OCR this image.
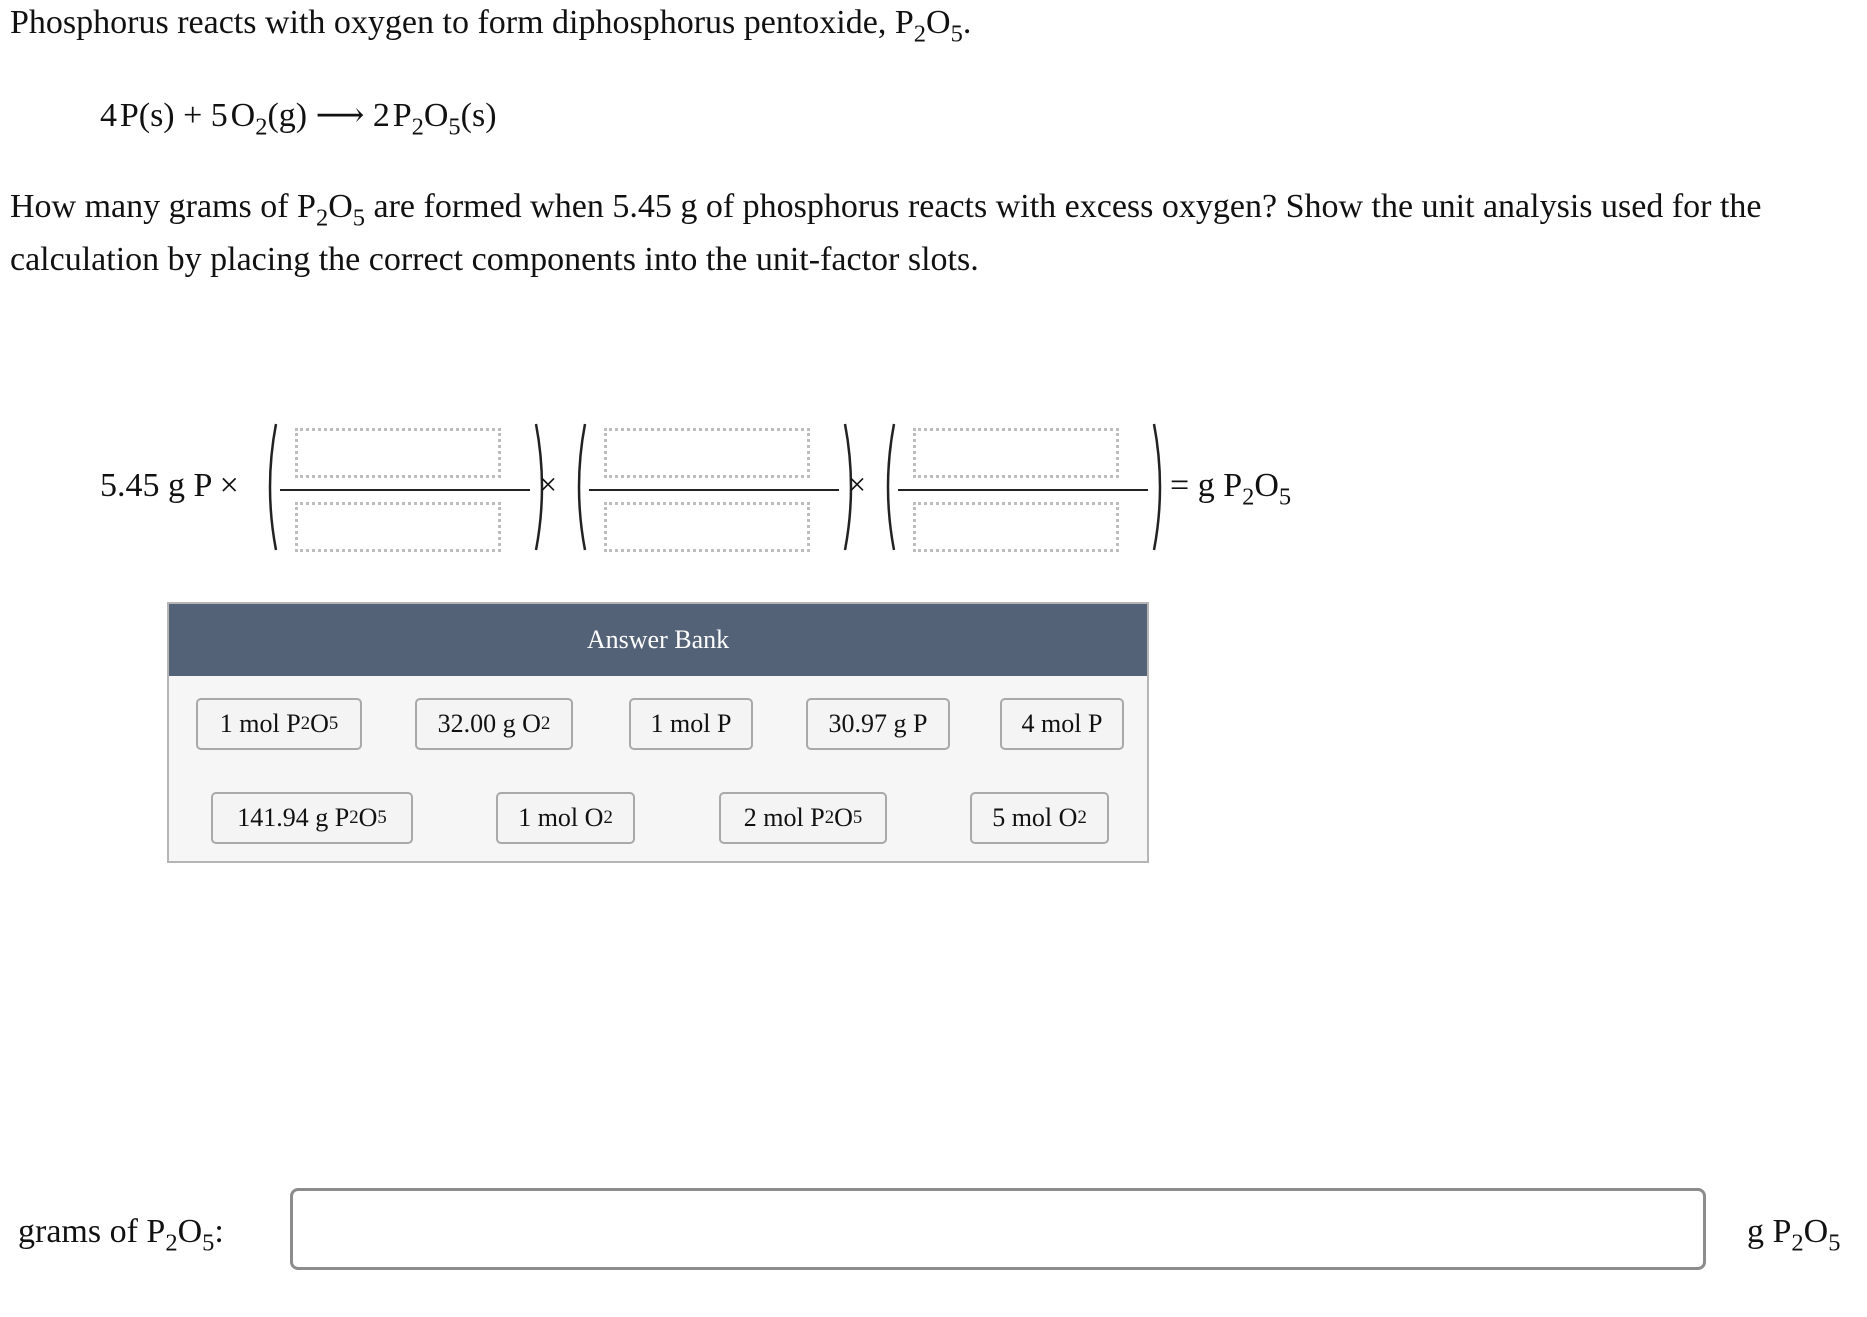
Phosphorus reacts with oxygen to form diphosphorus pentoxide, $P_2O_5$.
4 P(s) + 5 $O_2(g)$ ⟶ 2 $P_2O_5(s)$
How many grams of $P_2O_5$ are formed when 5.45 g of phosphorus reacts with excess oxygen? Show the unit analysis used for the calculation by placing the correct components into the unit-factor slots.
5.45 g P ×	×	×	= g $P_2O_5$
Answer Bank
1 mol P 2 O 5	32.00 g O 2	1 mol P	30.97 g P	4 mol P
141.94 g P 2 O 5	1 mol O 2	2 mol P 2 O 5	5 mol O 2
grams of $P_2O_5$:	g $P_2O_5$
